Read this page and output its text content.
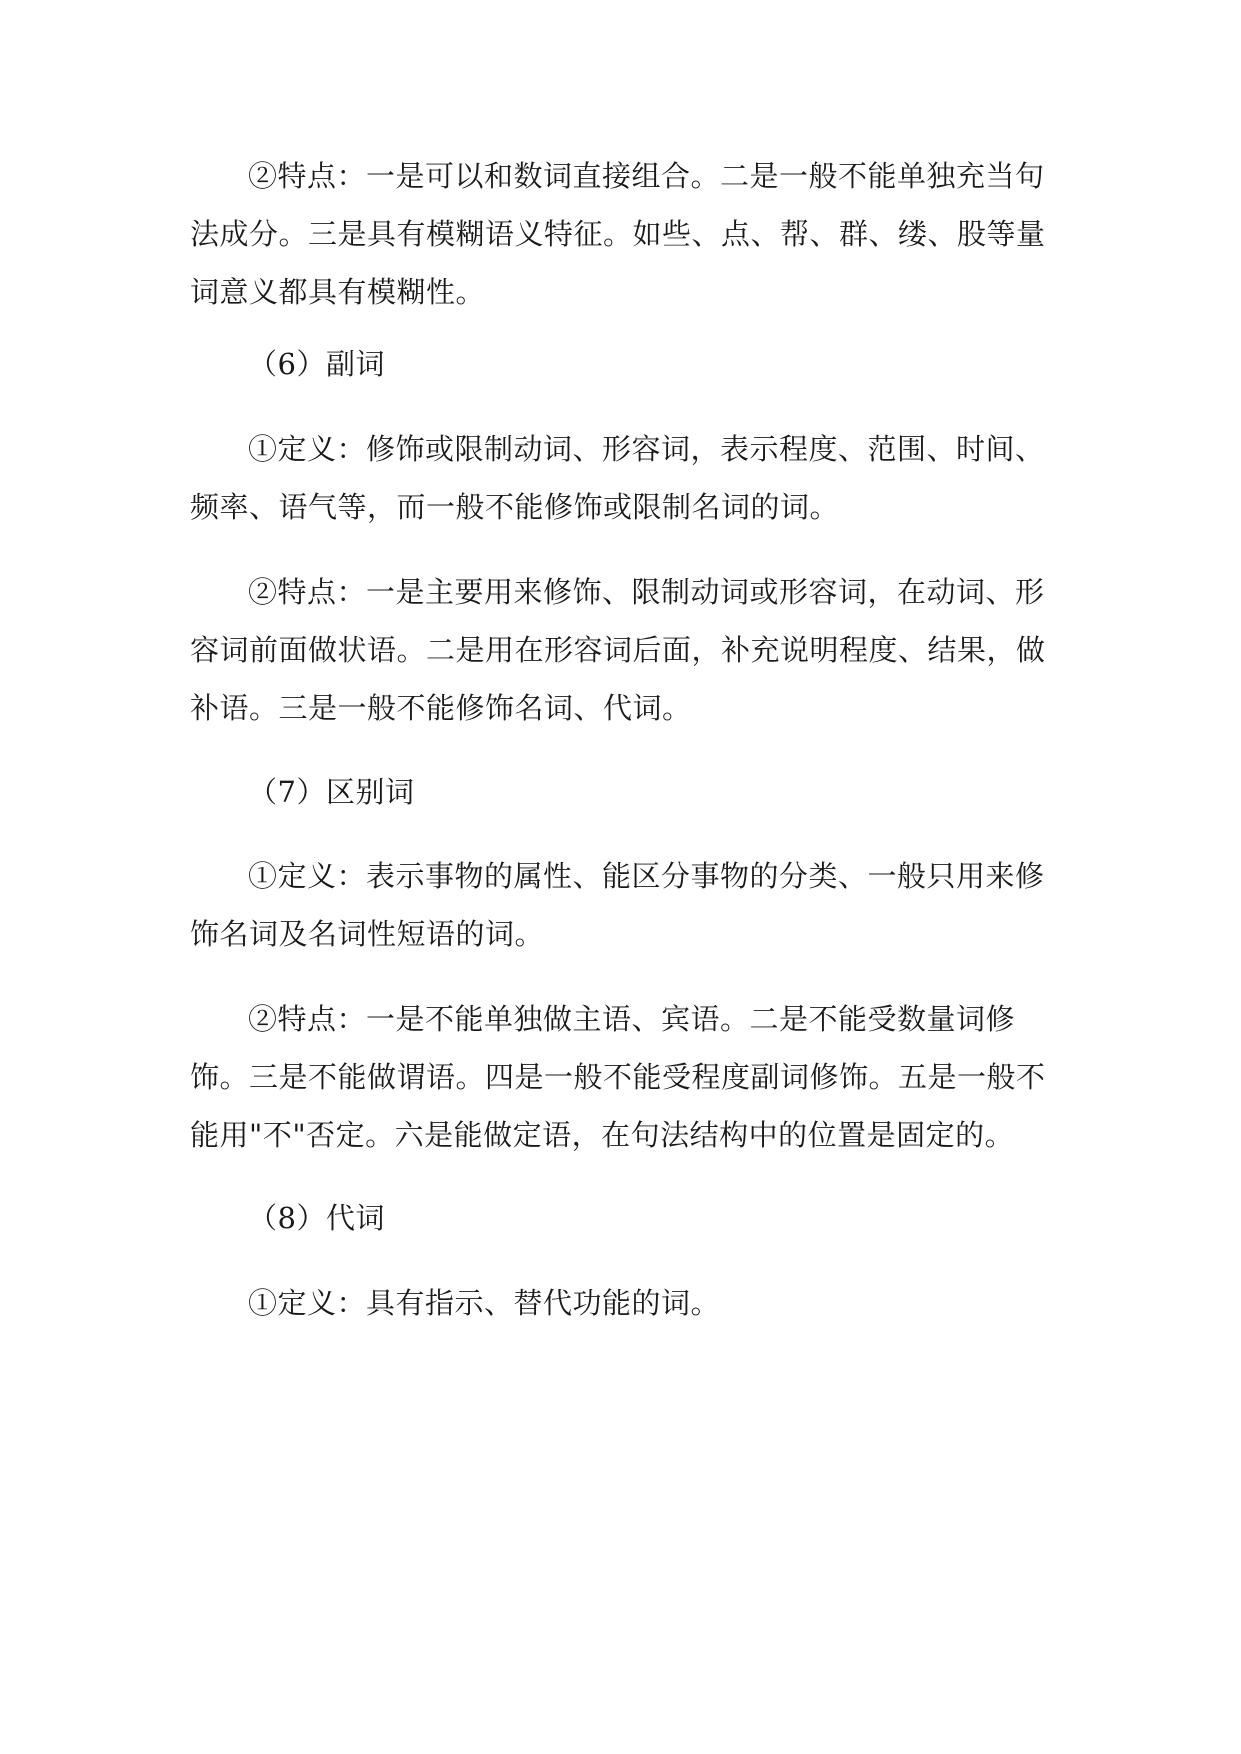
②特点：一是可以和数词直接组合。二是一般不能单独充当句法成分。三是具有模糊语义特征。如些、点、帮、群、缕、股等量词意义都具有模糊性。

（6）副词

①定义：修饰或限制动词、形容词，表示程度、范围、时间、频率、语气等，而一般不能修饰或限制名词的词。

②特点：一是主要用来修饰、限制动词或形容词，在动词、形容词前面做状语。二是用在形容词后面，补充说明程度、结果，做补语。三是一般不能修饰名词、代词。

（7）区别词

①定义：表示事物的属性、能区分事物的分类、一般只用来修饰名词及名词性短语的词。

②特点：一是不能单独做主语、宾语。二是不能受数量词修饰。三是不能做谓语。四是一般不能受程度副词修饰。五是一般不能用"不"否定。六是能做定语，在句法结构中的位置是固定的。

（8）代词

①定义：具有指示、替代功能的词。
